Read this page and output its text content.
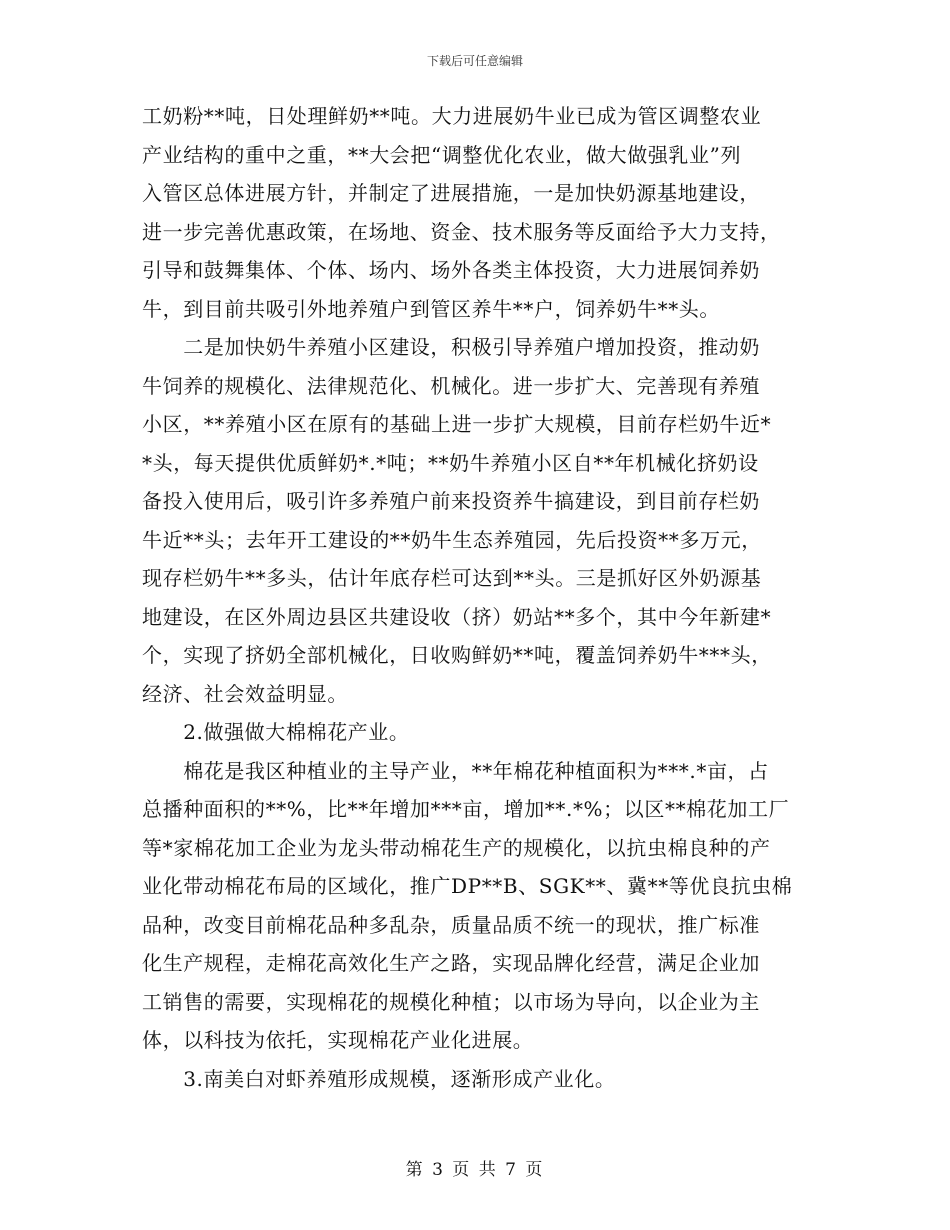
下载后可任意编辑
工奶粉**吨，日处理鲜奶**吨。大力进展奶牛业已成为管区调整农业
产业结构的重中之重，**大会把“调整优化农业，做大做强乳业”列
入管区总体进展方针，并制定了进展措施，一是加快奶源基地建设，
进一步完善优惠政策，在场地、资金、技术服务等反面给予大力支持，
引导和鼓舞集体、个体、场内、场外各类主体投资，大力进展饲养奶
牛，到目前共吸引外地养殖户到管区养牛**户，饲养奶牛**头。
　　二是加快奶牛养殖小区建设，积极引导养殖户增加投资，推动奶
牛饲养的规模化、法律规范化、机械化。进一步扩大、完善现有养殖
小区，**养殖小区在原有的基础上进一步扩大规模，目前存栏奶牛近*
*头，每天提供优质鲜奶*.*吨；**奶牛养殖小区自**年机械化挤奶设
备投入使用后，吸引许多养殖户前来投资养牛搞建设，到目前存栏奶
牛近**头；去年开工建设的**奶牛生态养殖园，先后投资**多万元，
现存栏奶牛**多头，估计年底存栏可达到**头。三是抓好区外奶源基
地建设，在区外周边县区共建设收（挤）奶站**多个，其中今年新建*
个，实现了挤奶全部机械化，日收购鲜奶**吨，覆盖饲养奶牛***头，
经济、社会效益明显。
　　2.做强做大棉棉花产业。
　　棉花是我区种植业的主导产业，**年棉花种植面积为***.*亩，占
总播种面积的**%，比**年增加***亩，增加**.*%；以区**棉花加工厂
等*家棉花加工企业为龙头带动棉花生产的规模化，以抗虫棉良种的产
业化带动棉花布局的区域化，推广DP**B、SGK**、冀**等优良抗虫棉
品种，改变目前棉花品种多乱杂，质量品质不统一的现状，推广标准
化生产规程，走棉花高效化生产之路，实现品牌化经营，满足企业加
工销售的需要，实现棉花的规模化种植；以市场为导向，以企业为主
体，以科技为依托，实现棉花产业化进展。
　　3.南美白对虾养殖形成规模，逐渐形成产业化。
第 3 页 共 7 页
